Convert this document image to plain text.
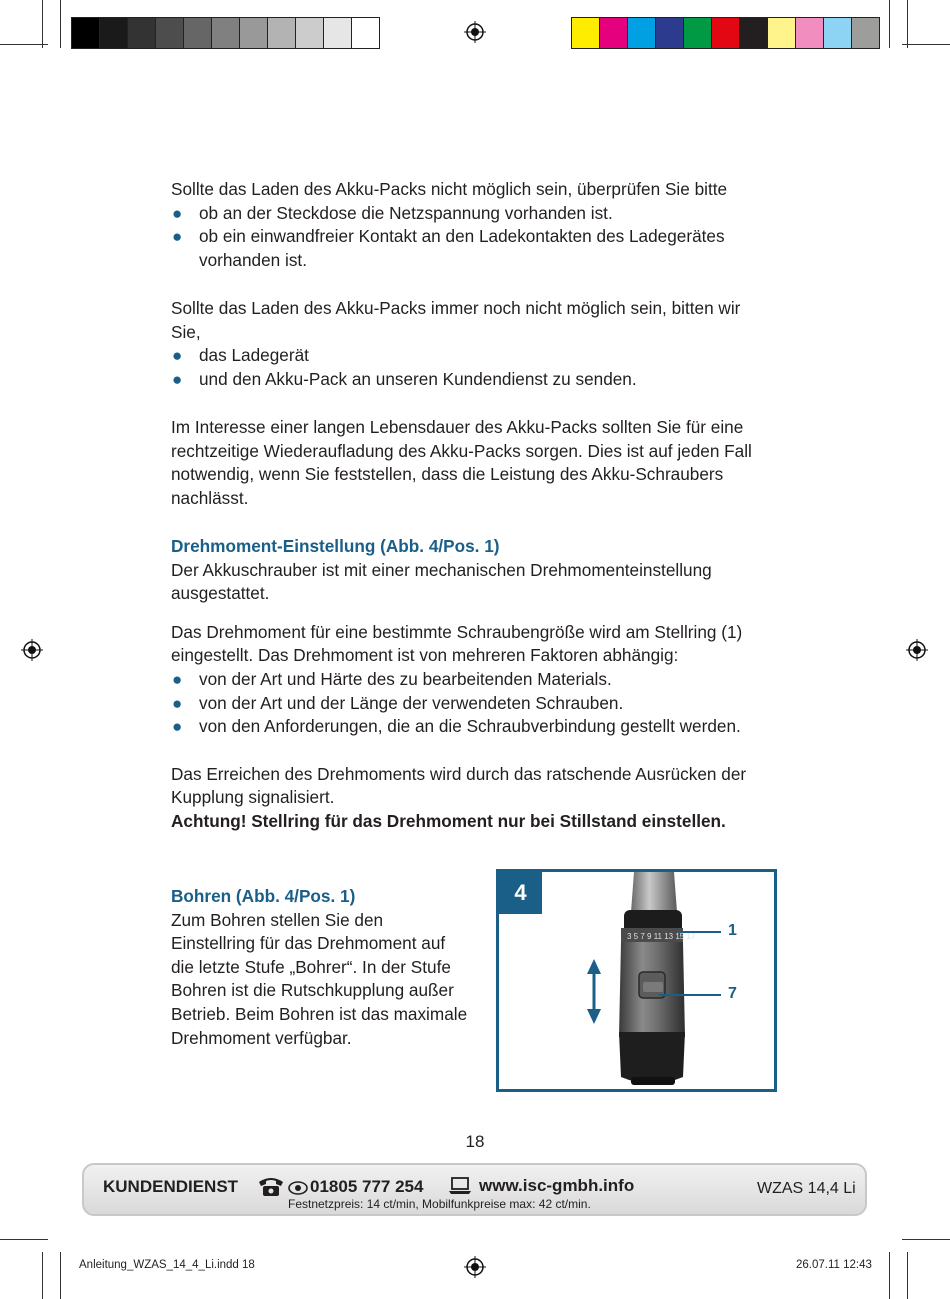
Sollte das Laden des Akku-Packs nicht möglich sein, überprüfen Sie bitte

● ob an der Steckdose die Netzspannung vorhanden ist.

● ob ein einwandfreier Kontakt an den Ladekontakten des Ladegerätes vorhanden ist.

Sollte das Laden des Akku-Packs immer noch nicht möglich sein, bitten wir Sie,

● das Ladegerät

● und den Akku-Pack an unseren Kundendienst zu senden.

Im Interesse einer langen Lebensdauer des Akku-Packs sollten Sie für eine rechtzeitige Wiederaufladung des Akku-Packs sorgen. Dies ist auf jeden Fall notwendig, wenn Sie feststellen, dass die Leistung des Akku-Schraubers nachlässt.

Drehmoment-Einstellung (Abb. 4/Pos. 1)

Der Akkuschrauber ist mit einer mechanischen Drehmomenteinstellung ausgestattet.

Das Drehmoment für eine bestimmte Schraubengröße wird am Stellring (1) eingestellt. Das Drehmoment ist von mehreren Faktoren abhängig:

● von der Art und Härte des zu bearbeitenden Materials.

● von der Art und der Länge der verwendeten Schrauben.

● von den Anforderungen, die an die Schraubverbindung gestellt werden.

Das Erreichen des Drehmoments wird durch das ratschende Ausrücken der Kupplung signalisiert.

Achtung! Stellring für das Drehmoment nur bei Stillstand einstellen.

Bohren (Abb. 4/Pos. 1)

Zum Bohren stellen Sie den Einstellring für das Drehmoment auf die letzte Stufe „Bohrer“. In der Stufe Bohren ist die Rutschkupplung außer Betrieb. Beim Bohren ist das maximale Drehmoment verfügbar.

4
3 5 7 9 11 13 15 17 1
7
18
KUNDENDIENST	01805 777 254	www.isc-gmbh.info
Festnetzpreis: 14 ct/min, Mobilfunkpreise max: 42 ct/min.
WZAS 14,4 Li
Anleitung_WZAS_14_4_Li.indd 18	26.07.11 12:43
